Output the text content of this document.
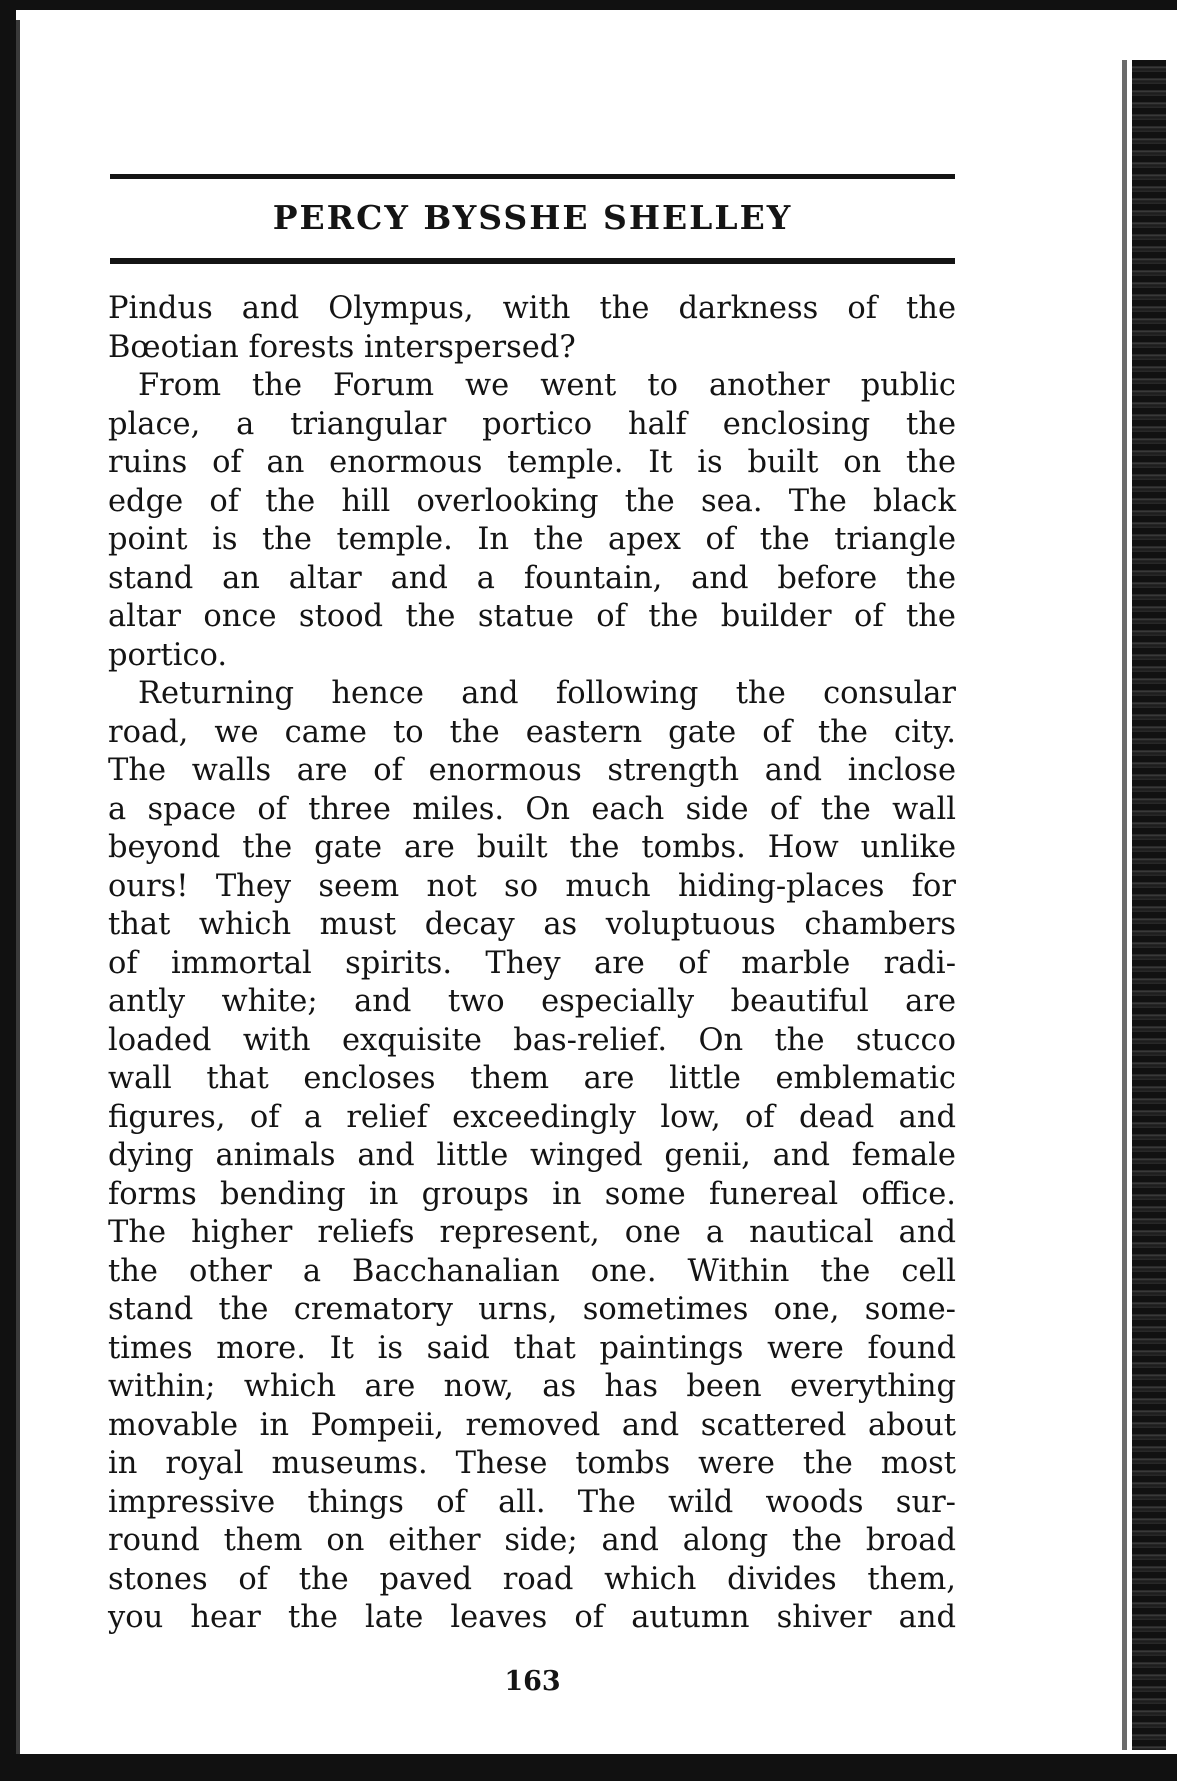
PERCY BYSSHE SHELLEY
Pindus and Olympus, with the darkness of the
Bœotian forests interspersed?
From the Forum we went to another public
place, a triangular portico half enclosing the
ruins of an enormous temple. It is built on the
edge of the hill overlooking the sea. The black
point is the temple. In the apex of the triangle
stand an altar and a fountain, and before the
altar once stood the statue of the builder of the
portico.
Returning hence and following the consular
road, we came to the eastern gate of the city.
The walls are of enormous strength and inclose
a space of three miles. On each side of the wall
beyond the gate are built the tombs. How unlike
ours! They seem not so much hiding-places for
that which must decay as voluptuous chambers
of immortal spirits. They are of marble radi-
antly white; and two especially beautiful are
loaded with exquisite bas-relief. On the stucco
wall that encloses them are little emblematic
figures, of a relief exceedingly low, of dead and
dying animals and little winged genii, and female
forms bending in groups in some funereal office.
The higher reliefs represent, one a nautical and
the other a Bacchanalian one. Within the cell
stand the crematory urns, sometimes one, some-
times more. It is said that paintings were found
within; which are now, as has been everything
movable in Pompeii, removed and scattered about
in royal museums. These tombs were the most
impressive things of all. The wild woods sur-
round them on either side; and along the broad
stones of the paved road which divides them,
you hear the late leaves of autumn shiver and
163
